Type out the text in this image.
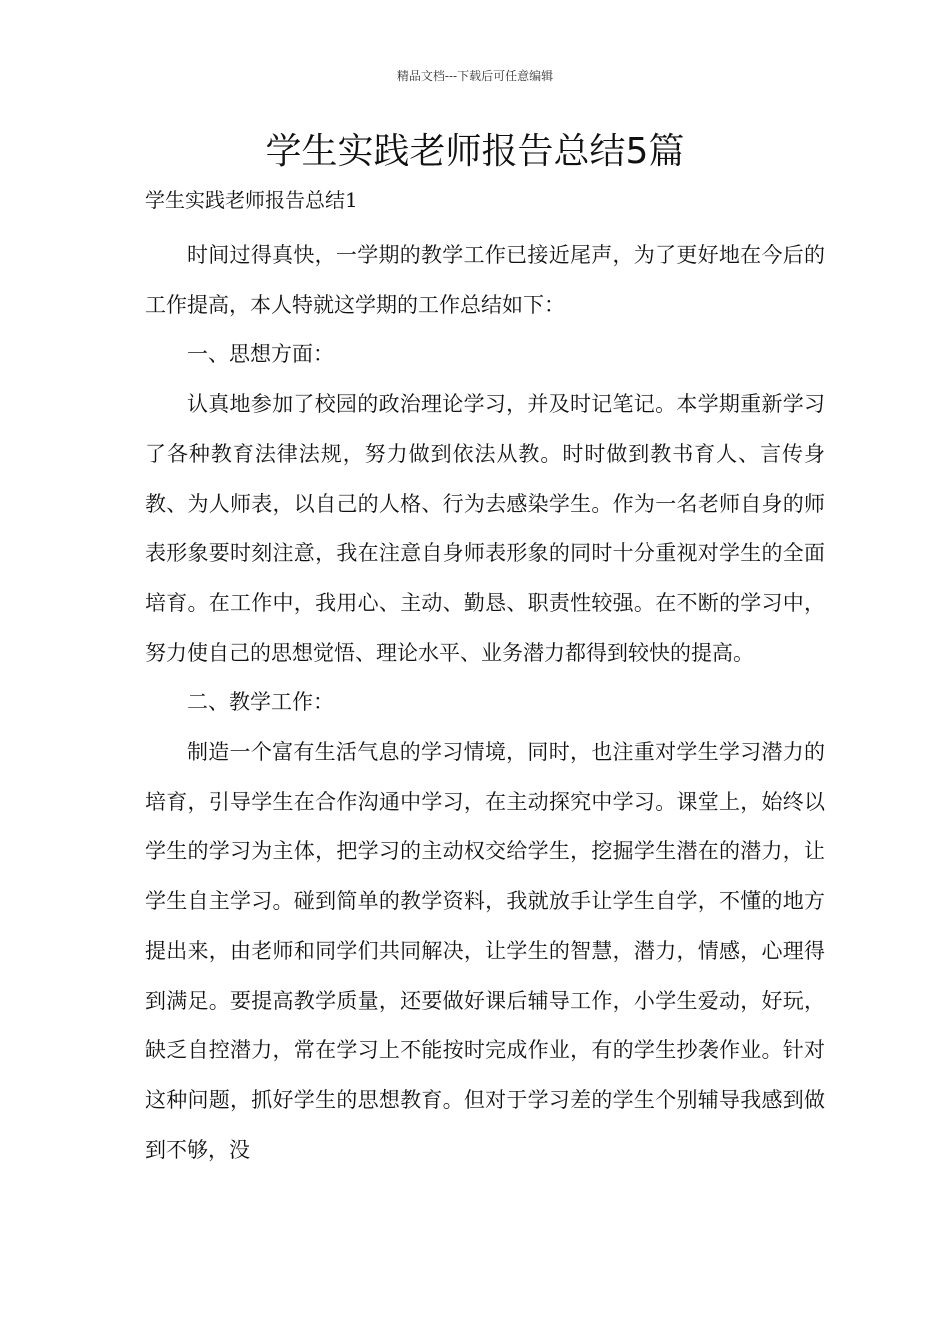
精品文档---下载后可任意编辑
学生实践老师报告总结5篇

学生实践老师报告总结1

时间过得真快，一学期的教学工作已接近尾声，为了更好地在今后的工作提高，本人特就这学期的工作总结如下：

一、思想方面：

认真地参加了校园的政治理论学习，并及时记笔记。本学期重新学习了各种教育法律法规，努力做到依法从教。时时做到教书育人、言传身教、为人师表，以自己的人格、行为去感染学生。作为一名老师自身的师表形象要时刻注意，我在注意自身师表形象的同时十分重视对学生的全面培育。在工作中，我用心、主动、勤恳、职责性较强。在不断的学习中，努力使自己的思想觉悟、理论水平、业务潜力都得到较快的提高。

二、教学工作：

制造一个富有生活气息的学习情境，同时，也注重对学生学习潜力的培育，引导学生在合作沟通中学习，在主动探究中学习。课堂上，始终以学生的学习为主体，把学习的主动权交给学生，挖掘学生潜在的潜力，让学生自主学习。碰到简单的教学资料，我就放手让学生自学，不懂的地方提出来，由老师和同学们共同解决，让学生的智慧，潜力，情感，心理得到满足。要提高教学质量，还要做好课后辅导工作，小学生爱动，好玩，缺乏自控潜力，常在学习上不能按时完成作业，有的学生抄袭作业。针对这种问题，抓好学生的思想教育。但对于学习差的学生个别辅导我感到做到不够，没
